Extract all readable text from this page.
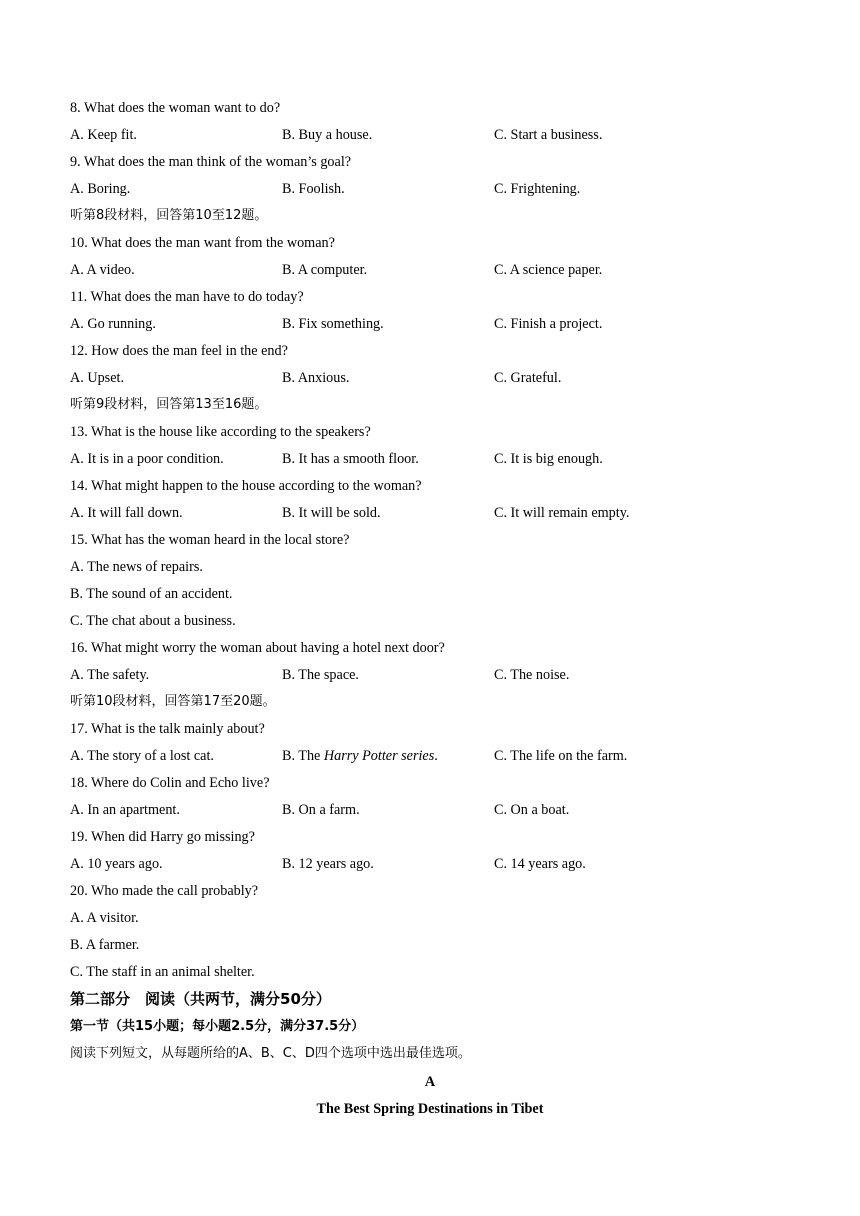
8. What does the woman want to do?
A. Keep fit.	B. Buy a house.	C. Start a business.
9. What does the man think of the woman’s goal?
A. Boring.	B. Foolish.	C. Frightening.
听第8段材料，回答第10至12题。
10. What does the man want from the woman?
A. A video.	B. A computer.	C. A science paper.
11. What does the man have to do today?
A. Go running.	B. Fix something.	C. Finish a project.
12. How does the man feel in the end?
A. Upset.	B. Anxious.	C. Grateful.
听第9段材料，回答第13至16题。
13. What is the house like according to the speakers?
A. It is in a poor condition.	B. It has a smooth floor.	C. It is big enough.
14. What might happen to the house according to the woman?
A. It will fall down.	B. It will be sold.	C. It will remain empty.
15. What has the woman heard in the local store?
A. The news of repairs.
B. The sound of an accident.
C. The chat about a business.
16. What might worry the woman about having a hotel next door?
A. The safety.	B. The space.	C. The noise.
听第10段材料，回答第17至20题。
17. What is the talk mainly about?
A. The story of a lost cat.	B. The Harry Potter series.	C. The life on the farm.
18. Where do Colin and Echo live?
A. In an apartment.	B. On a farm.	C. On a boat.
19. When did Harry go missing?
A. 10 years ago.	B. 12 years ago.	C. 14 years ago.
20. Who made the call probably?
A. A visitor.
B. A farmer.
C. The staff in an animal shelter.
第二部分　阅读（共两节，满分50分）
第一节（共15小题；每小题2.5分，满分37.5分）
阅读下列短文，从每题所给的A、B、C、D四个选项中选出最佳选项。
A
The Best Spring Destinations in Tibet
